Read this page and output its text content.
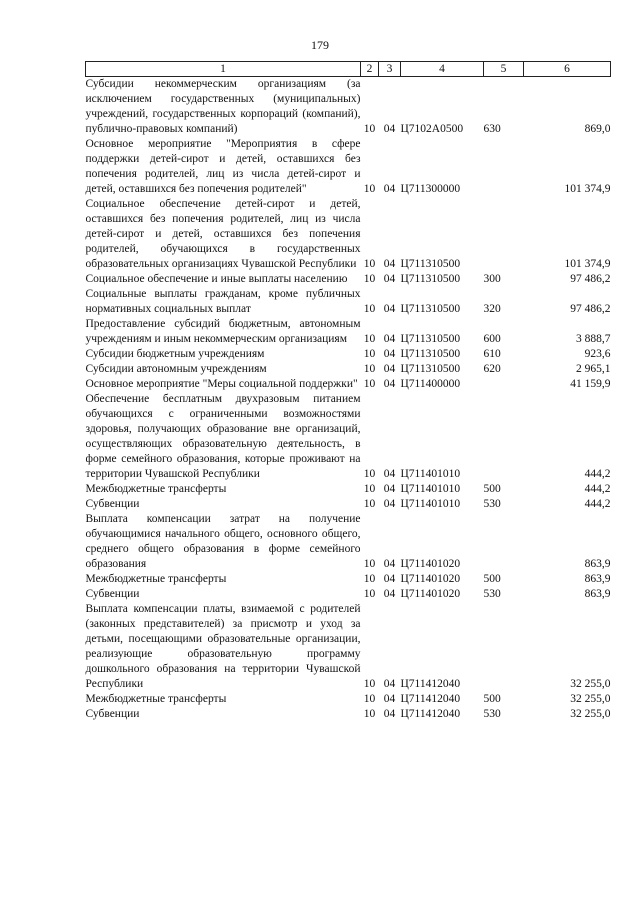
179
1	2	3	4	5	6
Субсидии некоммерческим организациям (за исключением государственных (муниципальных) учреждений, государственных корпораций (компаний), публично-правовых компаний)	10	04	Ц7102А0500	630	869,0
Основное мероприятие "Мероприятия в сфере поддержки детей-сирот и детей, оставшихся без попечения родителей, лиц из числа детей-сирот и детей, оставшихся без попечения родителей"	10	04	Ц711300000		101 374,9
Социальное обеспечение детей-сирот и детей, оставшихся без попечения родителей, лиц из числа детей-сирот и детей, оставшихся без попечения родителей, обучающихся в государственных образовательных организациях Чувашской Республики	10	04	Ц711310500		101 374,9
Социальное обеспечение и иные выплаты населению	10	04	Ц711310500	300	97 486,2
Социальные выплаты гражданам, кроме публичных нормативных социальных выплат	10	04	Ц711310500	320	97 486,2
Предоставление субсидий бюджетным, автономным учреждениям и иным некоммерческим организациям	10	04	Ц711310500	600	3 888,7
Субсидии бюджетным учреждениям	10	04	Ц711310500	610	923,6
Субсидии автономным учреждениям	10	04	Ц711310500	620	2 965,1
Основное мероприятие "Меры социальной поддержки"	10	04	Ц711400000		41 159,9
Обеспечение бесплатным двухразовым питанием обучающихся с ограниченными возможностями здоровья, получающих образование вне организаций, осуществляющих образовательную деятельность, в форме семейного образования, которые проживают на территории Чувашской Республики	10	04	Ц711401010		444,2
Межбюджетные трансферты	10	04	Ц711401010	500	444,2
Субвенции	10	04	Ц711401010	530	444,2
Выплата компенсации затрат на получение обучающимися начального общего, основного общего, среднего общего образования в форме семейного образования	10	04	Ц711401020		863,9
Межбюджетные трансферты	10	04	Ц711401020	500	863,9
Субвенции	10	04	Ц711401020	530	863,9
Выплата компенсации платы, взимаемой с родителей (законных представителей) за присмотр и уход за детьми, посещающими образовательные организации, реализующие образовательную программу дошкольного образования на территории Чувашской Республики	10	04	Ц711412040		32 255,0
Межбюджетные трансферты	10	04	Ц711412040	500	32 255,0
Субвенции	10	04	Ц711412040	530	32 255,0
